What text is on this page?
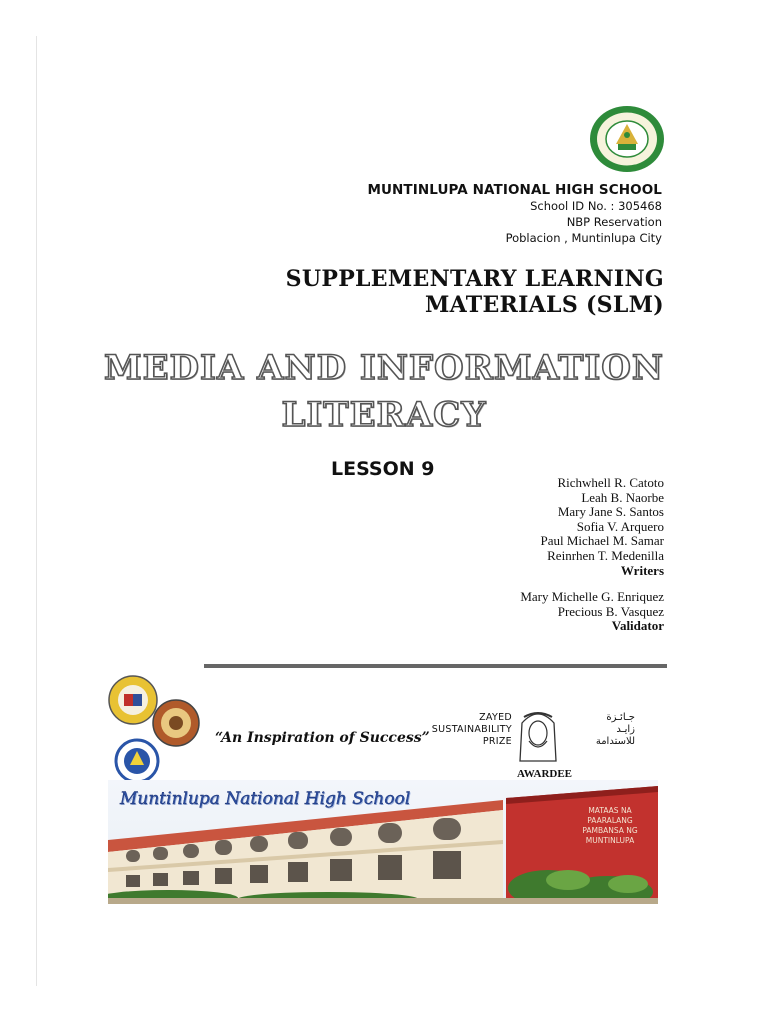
MUNTINLUPA NATIONAL HIGH SCHOOL
School ID No. : 305468
NBP Reservation
Poblacion , Muntinlupa City
SUPPLEMENTARY LEARNING
MATERIALS (SLM)
MEDIA AND INFORMATION
LITERACY
LESSON 9
Richwhell R. Catoto
Leah B. Naorbe
Mary Jane S. Santos
Sofia V. Arquero
Paul Michael M. Samar
Reinrhen T. Medenilla
Writers
Mary Michelle G. Enriquez
Precious B. Vasquez
Validator
“An Inspiration of Success”
ZAYED
SUSTAINABILITY
PRIZE
جـائـزة
زايـد
للاستدامة
AWARDEE
MATAAS NA PAARALANG
PAMBANSA NG MUNTINLUPA
Muntinlupa National High School
